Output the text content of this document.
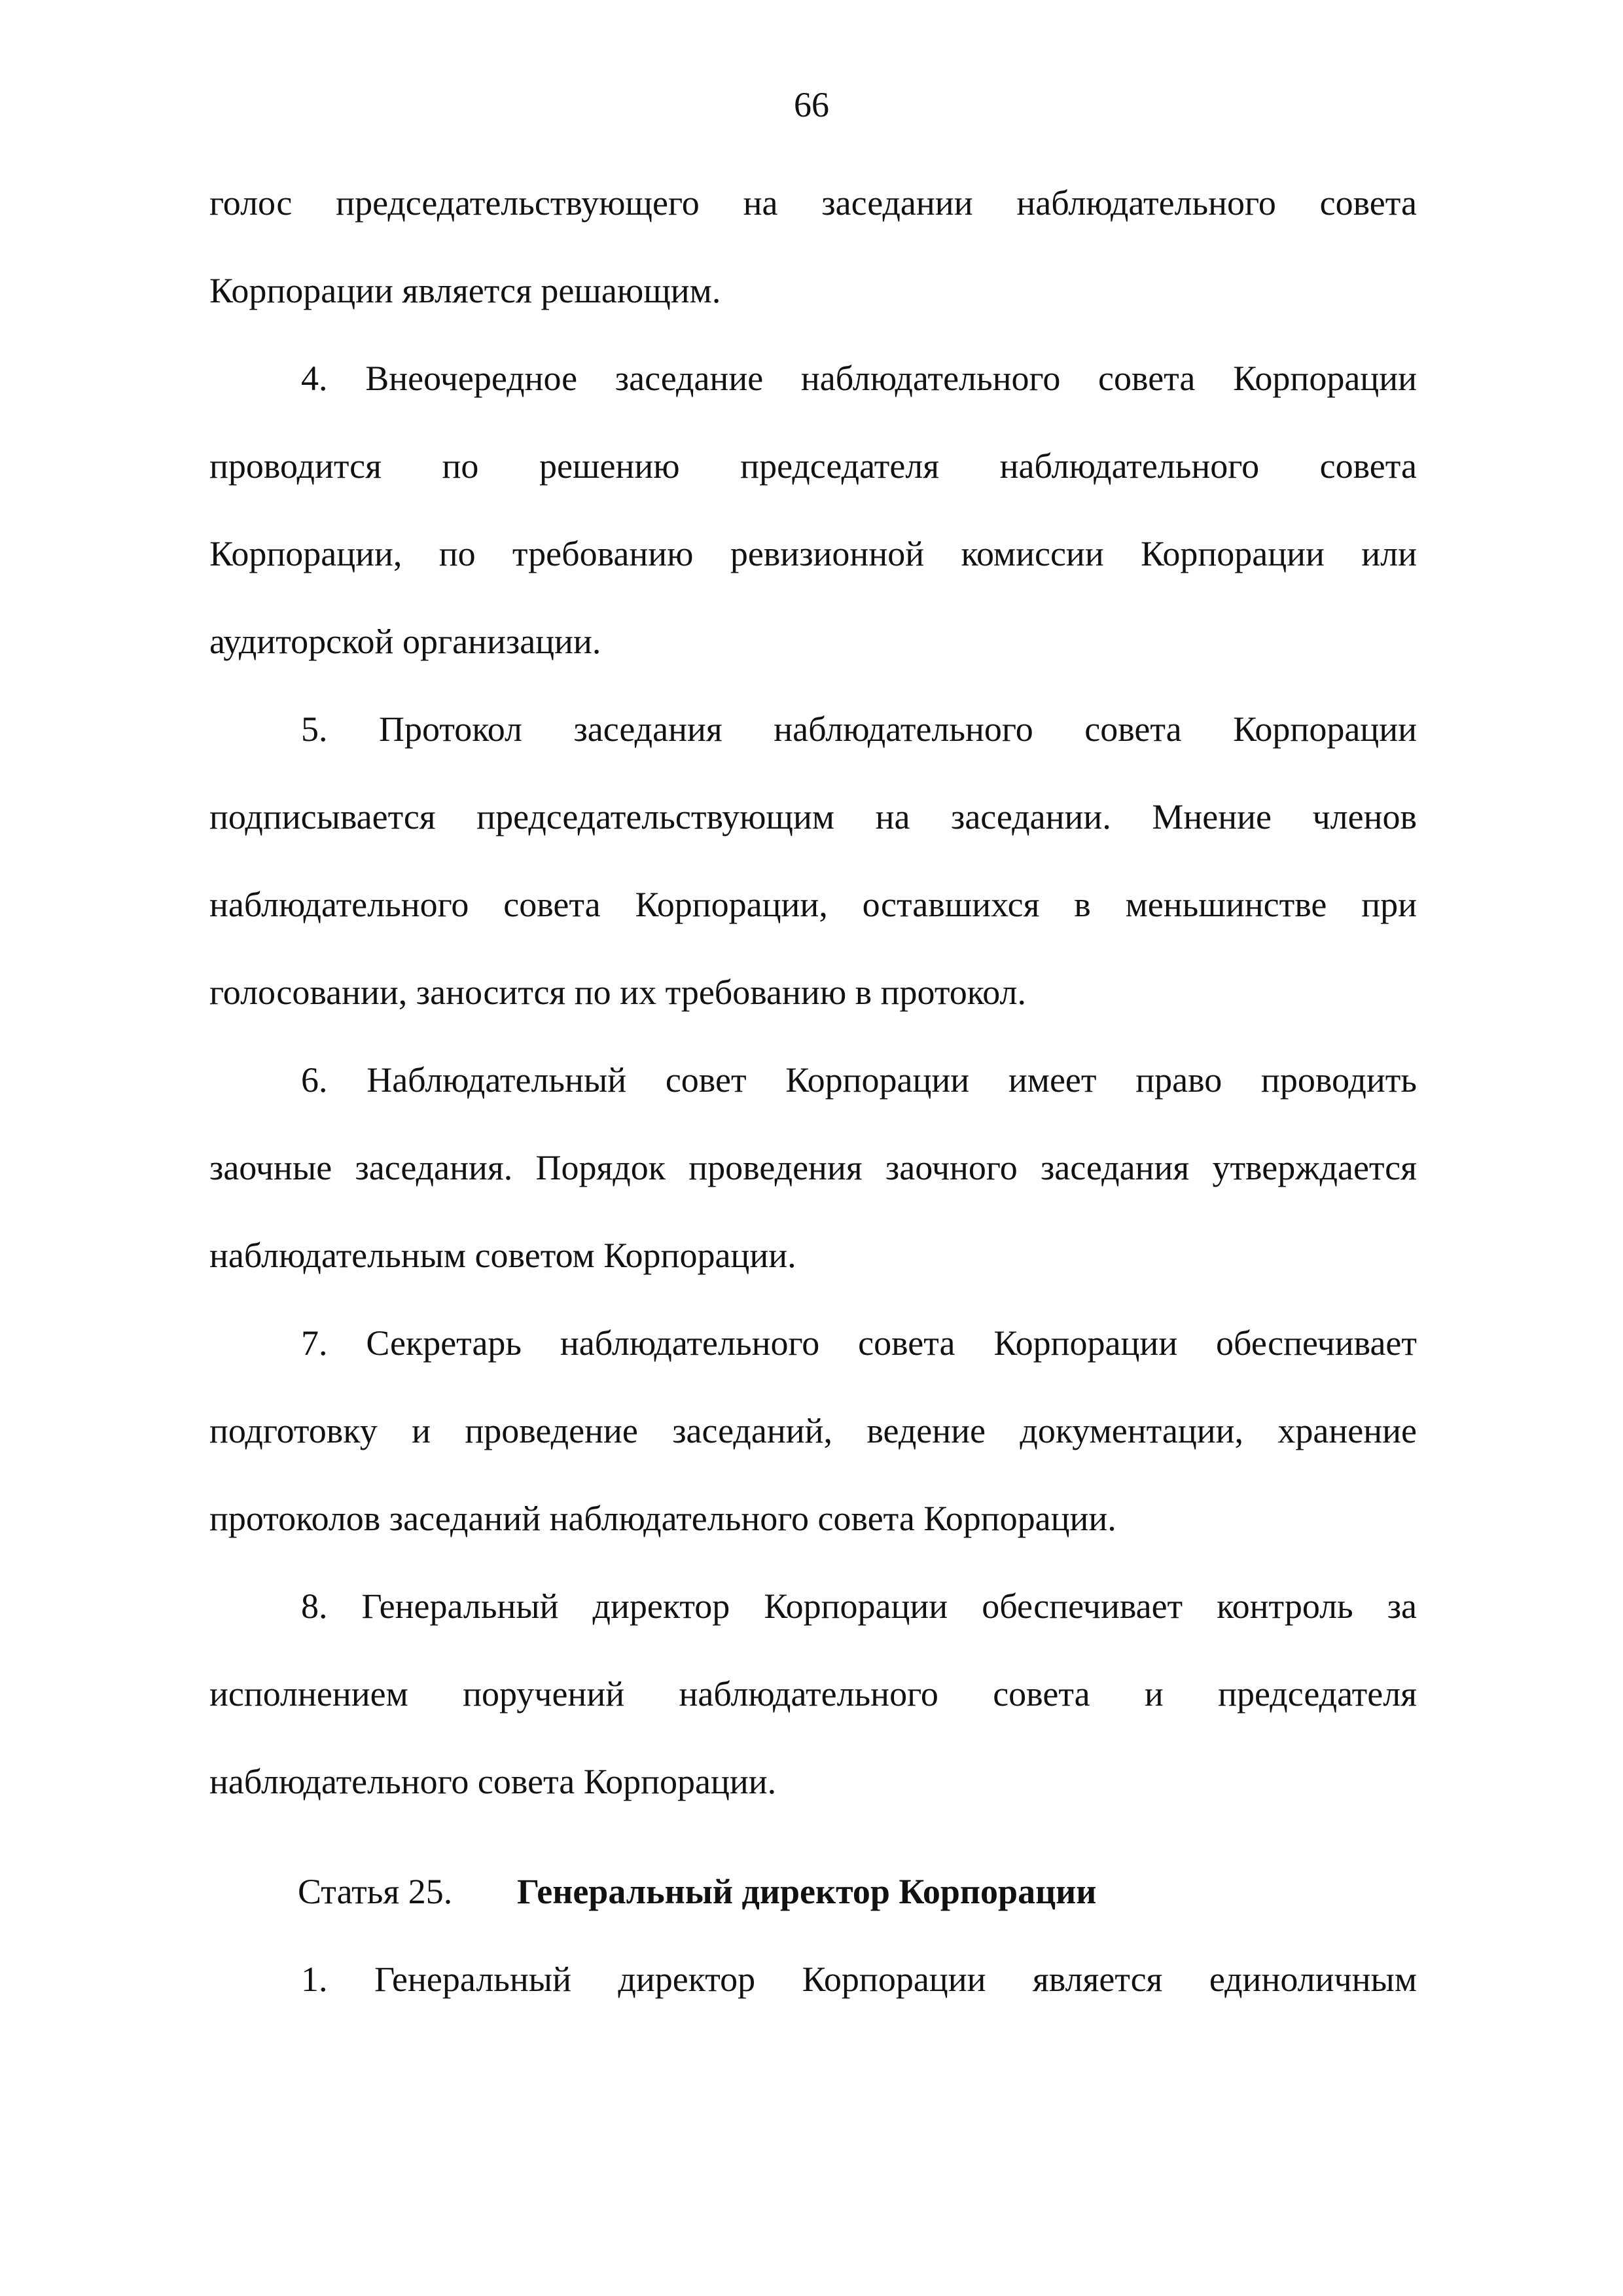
66
голос председательствующего на заседании наблюдательного совета
Корпорации является решающим.
4. Внеочередное заседание наблюдательного совета Корпорации
проводится по решению председателя наблюдательного совета
Корпорации, по требованию ревизионной комиссии Корпорации или
аудиторской организации.
5. Протокол заседания наблюдательного совета Корпорации
подписывается председательствующим на заседании. Мнение членов
наблюдательного совета Корпорации, оставшихся в меньшинстве при
голосовании, заносится по их требованию в протокол.
6. Наблюдательный совет Корпорации имеет право проводить
заочные заседания. Порядок проведения заочного заседания утверждается
наблюдательным советом Корпорации.
7. Секретарь наблюдательного совета Корпорации обеспечивает
подготовку и проведение заседаний, ведение документации, хранение
протоколов заседаний наблюдательного совета Корпорации.
8. Генеральный директор Корпорации обеспечивает контроль за
исполнением поручений наблюдательного совета и председателя
наблюдательного совета Корпорации.
Статья 25. Генеральный директор Корпорации
1. Генеральный директор Корпорации является единоличным
